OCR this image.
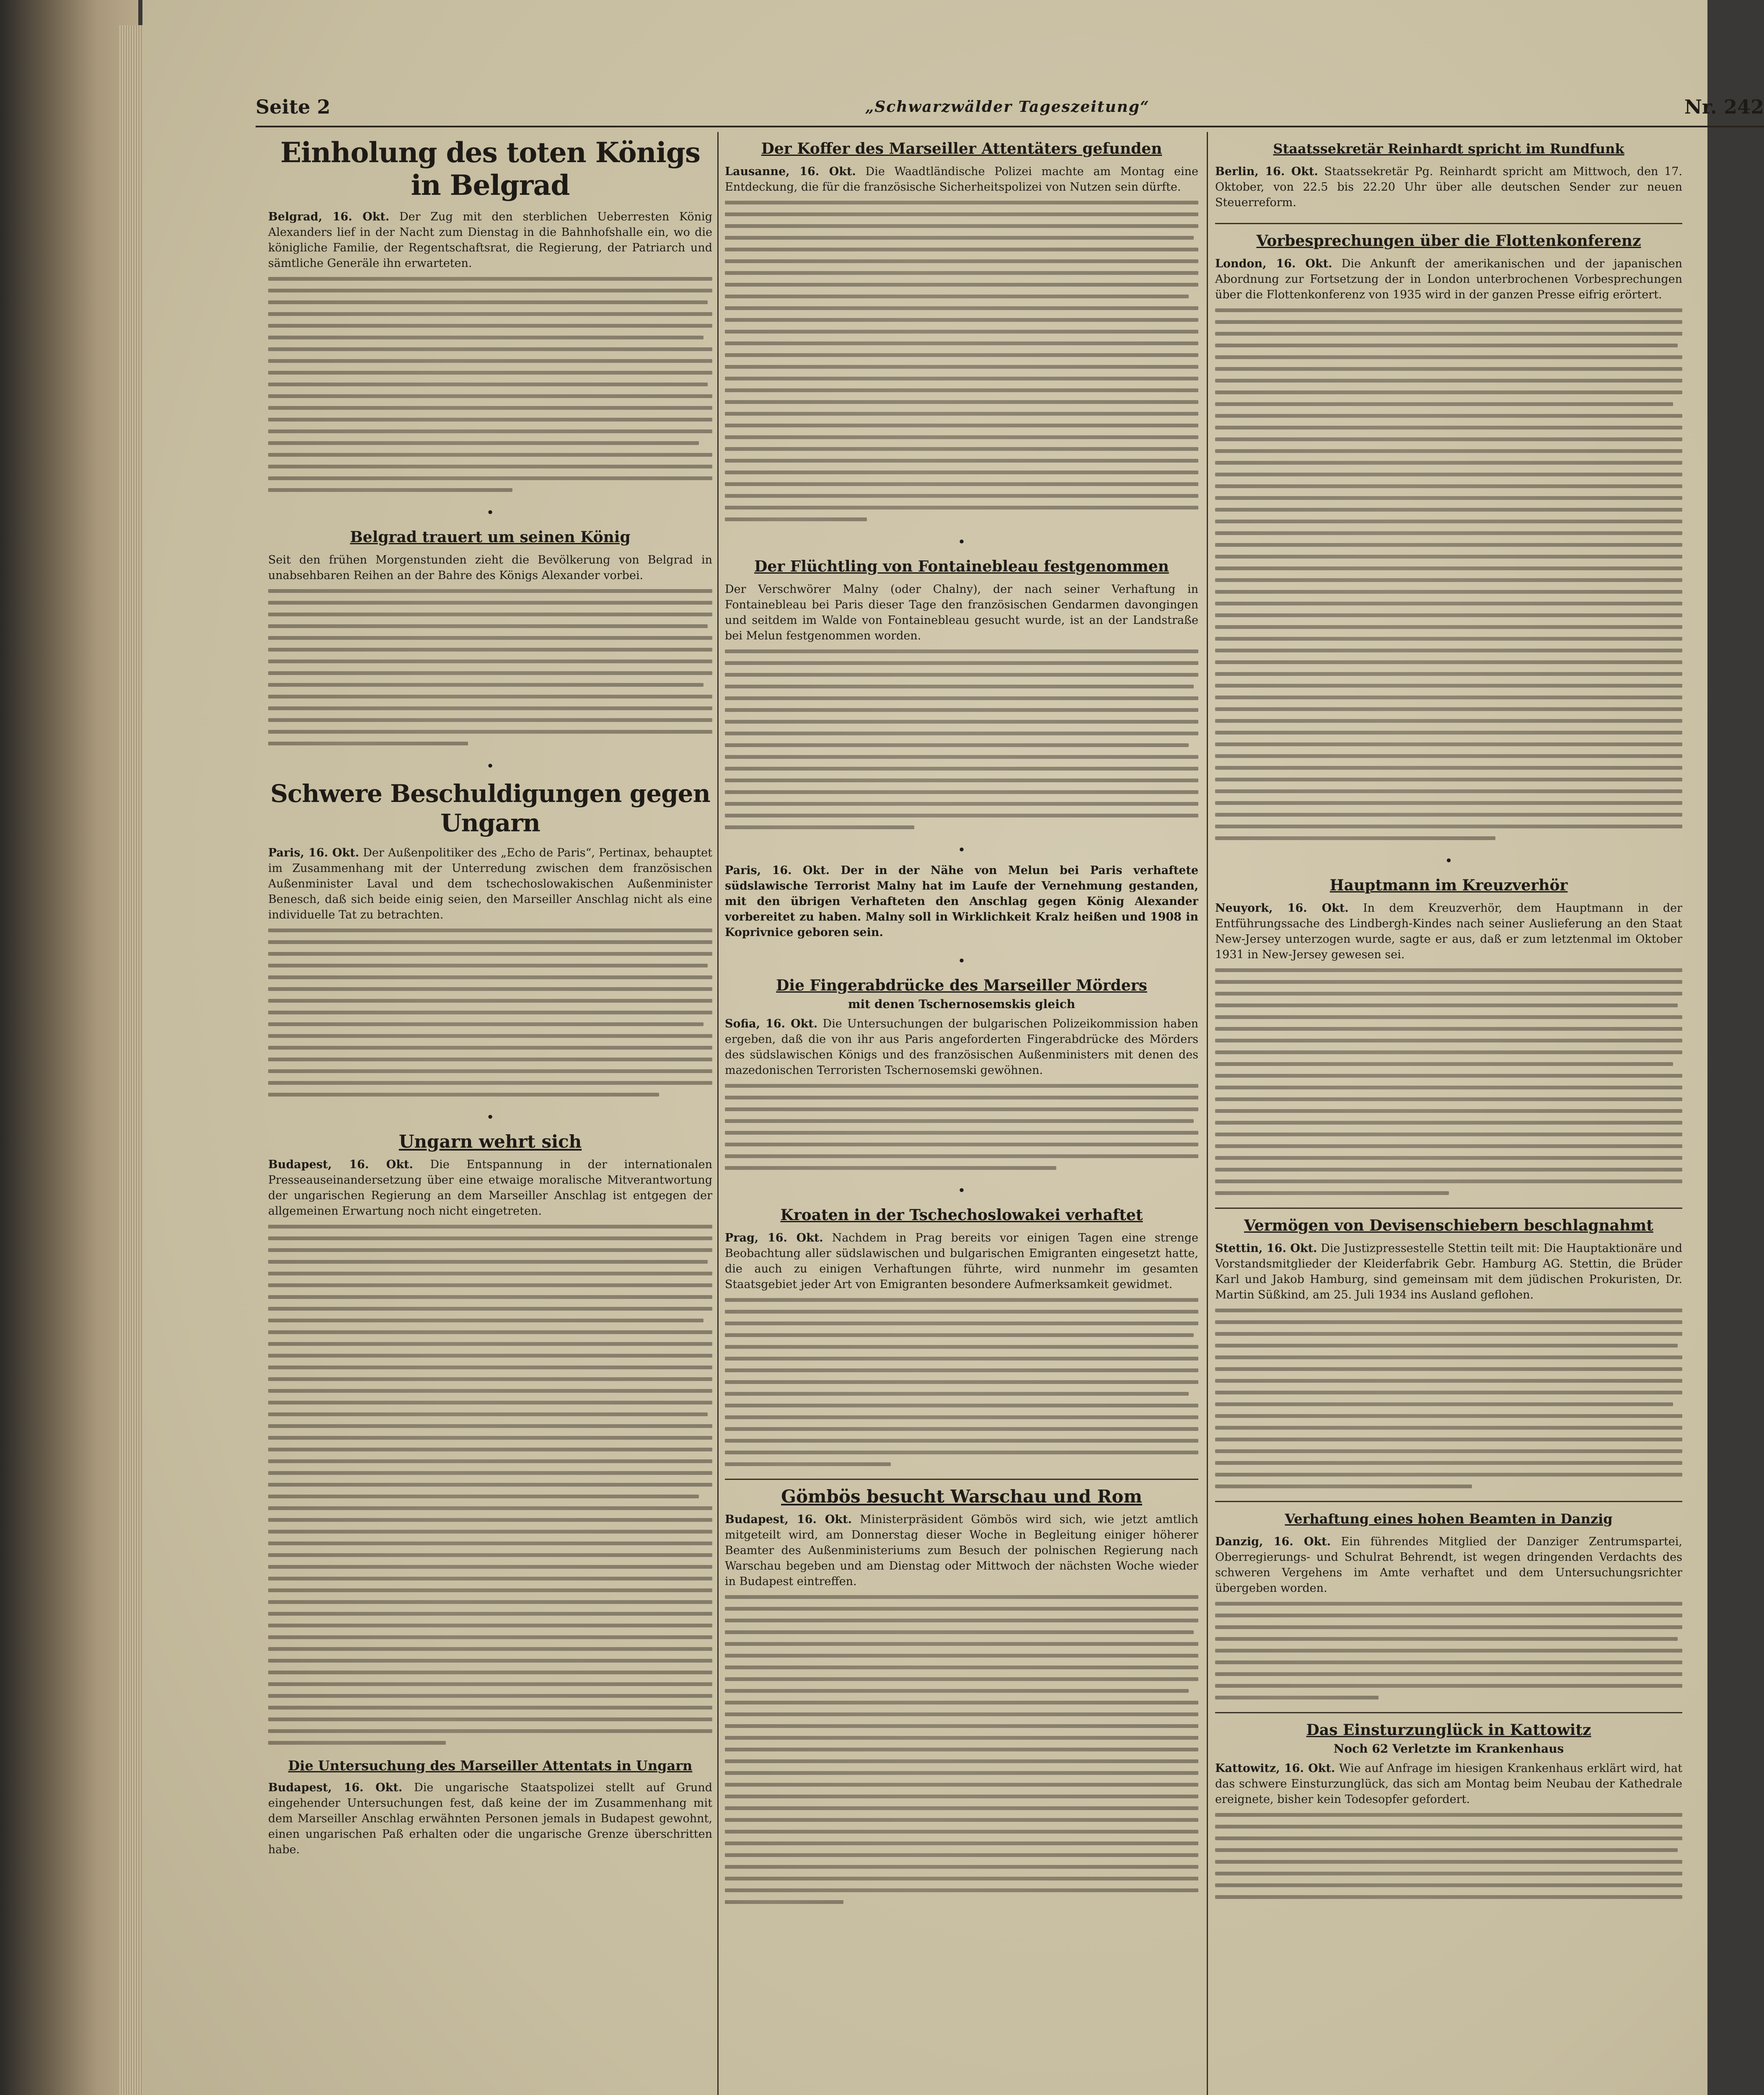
Seite 2	„Schwarzwälder Tageszeitung“	Nr. 242
Einholung des toten Königs in Belgrad

Belgrad, 16. Okt. Der Zug mit den sterblichen Ueberresten König Alexanders lief in der Nacht zum Dienstag in die Bahnhofshalle ein, wo die königliche Familie, der Regentschaftsrat, die Regierung, der Patriarch und sämtliche Generäle ihn erwarteten.

•
Belgrad trauert um seinen König

Seit den frühen Morgenstunden zieht die Bevölkerung von Belgrad in unabsehbaren Reihen an der Bahre des Königs Alexander vorbei.

•
Schwere Beschuldigungen gegen Ungarn

Paris, 16. Okt. Der Außenpolitiker des „Echo de Paris“, Pertinax, behauptet im Zusammenhang mit der Unterredung zwischen dem französischen Außenminister Laval und dem tschechoslowakischen Außenminister Benesch, daß sich beide einig seien, den Marseiller Anschlag nicht als eine individuelle Tat zu betrachten.

•
Ungarn wehrt sich

Budapest, 16. Okt. Die Entspannung in der internationalen Presseauseinandersetzung über eine etwaige moralische Mitverantwortung der ungarischen Regierung an dem Marseiller Anschlag ist entgegen der allgemeinen Erwartung noch nicht eingetreten.

Die Untersuchung des Marseiller Attentats in Ungarn

Budapest, 16. Okt. Die ungarische Staatspolizei stellt auf Grund eingehender Untersuchungen fest, daß keine der im Zusammenhang mit dem Marseiller Anschlag erwähnten Personen jemals in Budapest gewohnt, einen ungarischen Paß erhalten oder die ungarische Grenze überschritten habe.

Der Koffer des Marseiller Attentäters gefunden

Lausanne, 16. Okt. Die Waadtländische Polizei machte am Montag eine Entdeckung, die für die französische Sicherheitspolizei von Nutzen sein dürfte.

•
Der Flüchtling von Fontainebleau festgenommen

Der Verschwörer Malny (oder Chalny), der nach seiner Verhaftung in Fontainebleau bei Paris dieser Tage den französischen Gendarmen davongingen und seitdem im Walde von Fontainebleau gesucht wurde, ist an der Landstraße bei Melun festgenommen worden.

•

Paris, 16. Okt. Der in der Nähe von Melun bei Paris verhaftete südslawische Terrorist Malny hat im Laufe der Vernehmung gestanden, mit den übrigen Verhafteten den Anschlag gegen König Alexander vorbereitet zu haben. Malny soll in Wirklichkeit Kralz heißen und 1908 in Koprivnice geboren sein.

•
Die Fingerabdrücke des Marseiller Mörders
mit denen Tschernosemskis gleich

Sofia, 16. Okt. Die Untersuchungen der bulgarischen Polizeikommission haben ergeben, daß die von ihr aus Paris angeforderten Fingerabdrücke des Mörders des südslawischen Königs und des französischen Außenministers mit denen des mazedonischen Terroristen Tschernosemski gewöhnen.

•
Kroaten in der Tschechoslowakei verhaftet

Prag, 16. Okt. Nachdem in Prag bereits vor einigen Tagen eine strenge Beobachtung aller südslawischen und bulgarischen Emigranten eingesetzt hatte, die auch zu einigen Verhaftungen führte, wird nunmehr im gesamten Staatsgebiet jeder Art von Emigranten besondere Aufmerksamkeit gewidmet.

Gömbös besucht Warschau und Rom

Budapest, 16. Okt. Ministerpräsident Gömbös wird sich, wie jetzt amtlich mitgeteilt wird, am Donnerstag dieser Woche in Begleitung einiger höherer Beamter des Außenministeriums zum Besuch der polnischen Regierung nach Warschau begeben und am Dienstag oder Mittwoch der nächsten Woche wieder in Budapest eintreffen.

Staatssekretär Reinhardt spricht im Rundfunk

Berlin, 16. Okt. Staatssekretär Pg. Reinhardt spricht am Mittwoch, den 17. Oktober, von 22.5 bis 22.20 Uhr über alle deutschen Sender zur neuen Steuerreform.

Vorbesprechungen über die Flottenkonferenz

London, 16. Okt. Die Ankunft der amerikanischen und der japanischen Abordnung zur Fortsetzung der in London unterbrochenen Vorbesprechungen über die Flottenkonferenz von 1935 wird in der ganzen Presse eifrig erörtert.

•
Hauptmann im Kreuzverhör

Neuyork, 16. Okt. In dem Kreuzverhör, dem Hauptmann in der Entführungssache des Lindbergh-Kindes nach seiner Auslieferung an den Staat New-Jersey unterzogen wurde, sagte er aus, daß er zum letztenmal im Oktober 1931 in New-Jersey gewesen sei.

Vermögen von Devisenschiebern beschlagnahmt

Stettin, 16. Okt. Die Justizpressestelle Stettin teilt mit: Die Hauptaktionäre und Vorstandsmitglieder der Kleiderfabrik Gebr. Hamburg AG. Stettin, die Brüder Karl und Jakob Hamburg, sind gemeinsam mit dem jüdischen Prokuristen, Dr. Martin Süßkind, am 25. Juli 1934 ins Ausland geflohen.

Verhaftung eines hohen Beamten in Danzig

Danzig, 16. Okt. Ein führendes Mitglied der Danziger Zentrumspartei, Oberregierungs- und Schulrat Behrendt, ist wegen dringenden Verdachts des schweren Vergehens im Amte verhaftet und dem Untersuchungsrichter übergeben worden.

Das Einsturzunglück in Kattowitz
Noch 62 Verletzte im Krankenhaus

Kattowitz, 16. Okt. Wie auf Anfrage im hiesigen Krankenhaus erklärt wird, hat das schwere Einsturzunglück, das sich am Montag beim Neubau der Kathedrale ereignete, bisher kein Todesopfer gefordert.
